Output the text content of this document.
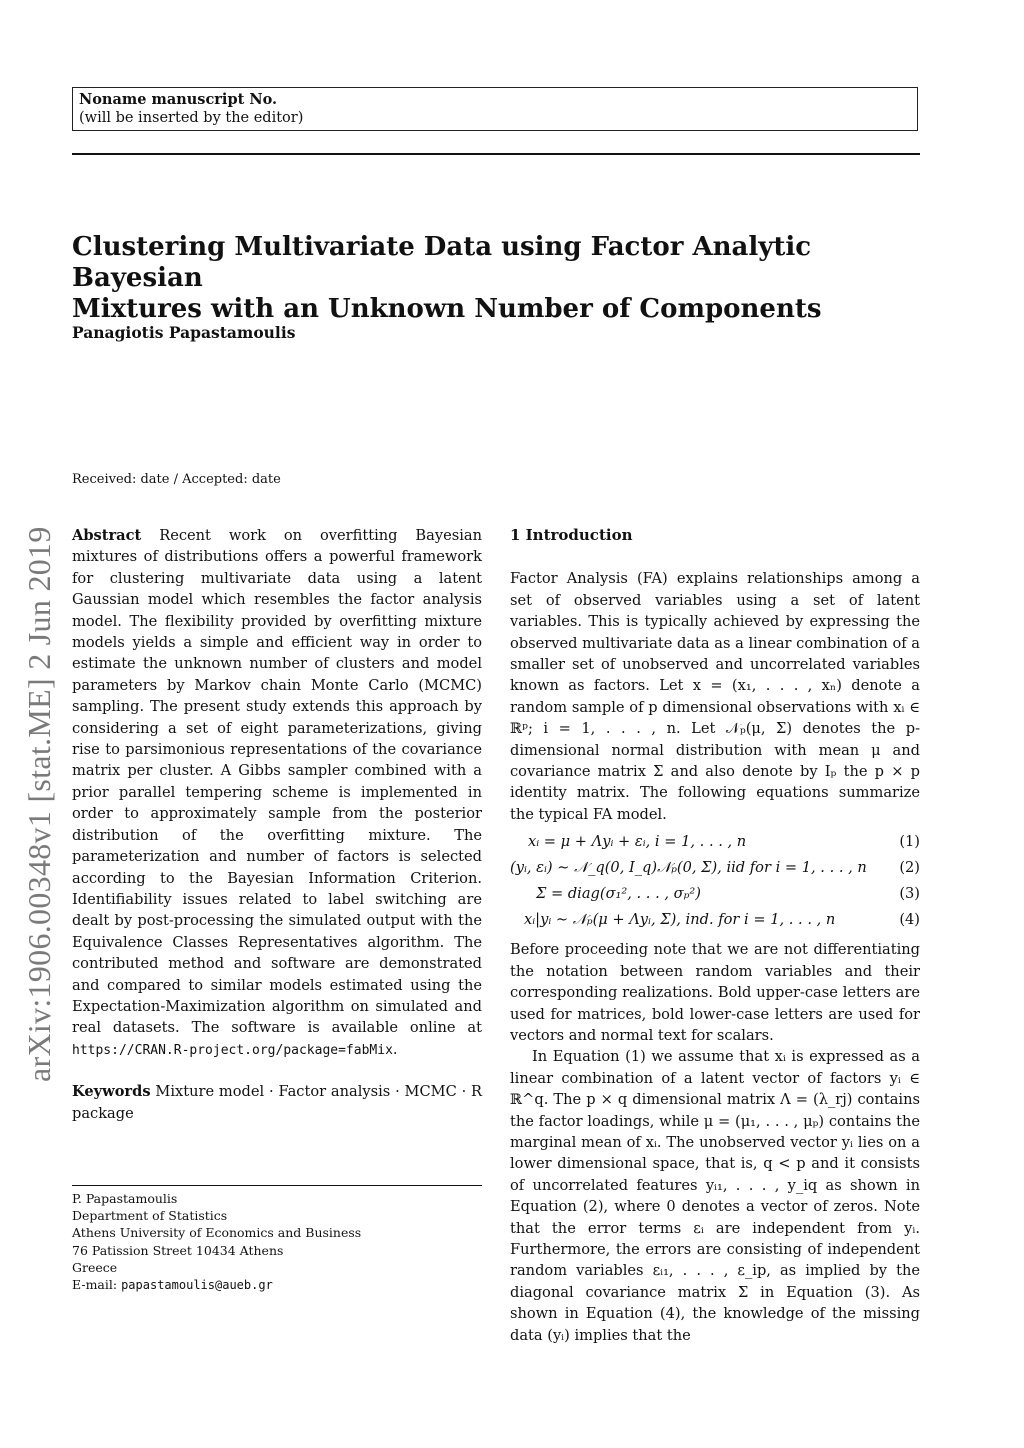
Noname manuscript No.
(will be inserted by the editor)
Clustering Multivariate Data using Factor Analytic Bayesian
Mixtures with an Unknown Number of Components
Panagiotis Papastamoulis
Received: date / Accepted: date
arXiv:1906.00348v1 [stat.ME] 2 Jun 2019	Abstract Recent work on overfitting Bayesian mixtures of distributions offers a powerful framework for clustering multivariate data using a latent Gaussian model which resembles the factor analysis model. The flexibility provided by overfitting mixture models yields a simple and efficient way in order to estimate the unknown number of clusters and model parameters by Markov chain Monte Carlo (MCMC) sampling. The present study extends this approach by considering a set of eight parameterizations, giving rise to parsimonious representations of the covariance matrix per cluster. A Gibbs sampler combined with a prior parallel tempering scheme is implemented in order to approximately sample from the posterior distribution of the overfitting mixture. The parameterization and number of factors is selected according to the Bayesian Information Criterion. Identifiability issues related to label switching are dealt by post-processing the simulated output with the Equivalence Classes Representatives algorithm. The contributed method and software are demonstrated and compared to similar models estimated using the Expectation-Maximization algorithm on simulated and real datasets. The software is available online at https://CRAN.R-project.org/package=fabMix.

Keywords Mixture model · Factor analysis · MCMC · R package

P. Papastamoulis
Department of Statistics
Athens University of Economics and Business
76 Patission Street 10434 Athens
Greece
E-mail: papastamoulis@aueb.gr
1 Introduction

Factor Analysis (FA) explains relationships among a set of observed variables using a set of latent variables. This is typically achieved by expressing the observed multivariate data as a linear combination of a smaller set of unobserved and uncorrelated variables known as factors. Let x = (x₁, . . . , xₙ) denote a random sample of p dimensional observations with xᵢ ∈ ℝᵖ; i = 1, . . . , n. Let 𝒩ₚ(μ, Σ) denotes the p-dimensional normal distribution with mean μ and covariance matrix Σ and also denote by Iₚ the p × p identity matrix. The following equations summarize the typical FA model.

xᵢ = μ + Λyᵢ + εᵢ, i = 1, . . . , n	(1)
(yᵢ, εᵢ) ∼ 𝒩_q(0, I_q)𝒩ₚ(0, Σ), iid for i = 1, . . . , n (2)
Σ = diag(σ₁², . . . , σₚ²)	(3)
xᵢ|yᵢ ∼ 𝒩ₚ(μ + Λyᵢ, Σ), ind. for i = 1, . . . , n	(4)

Before proceeding note that we are not differentiating the notation between random variables and their corresponding realizations. Bold upper-case letters are used for matrices, bold lower-case letters are used for vectors and normal text for scalars.

In Equation (1) we assume that xᵢ is expressed as a linear combination of a latent vector of factors yᵢ ∈ ℝ^q. The p × q dimensional matrix Λ = (λ_rj) contains the factor loadings, while μ = (μ₁, . . . , μₚ) contains the marginal mean of xᵢ. The unobserved vector yᵢ lies on a lower dimensional space, that is, q < p and it consists of uncorrelated features yᵢ₁, . . . , y_iq as shown in Equation (2), where 0 denotes a vector of zeros. Note that the error terms εᵢ are independent from yᵢ. Furthermore, the errors are consisting of independent random variables εᵢ₁, . . . , ε_ip, as implied by the diagonal covariance matrix Σ in Equation (3). As shown in Equation (4), the knowledge of the missing data (yᵢ) implies that the
